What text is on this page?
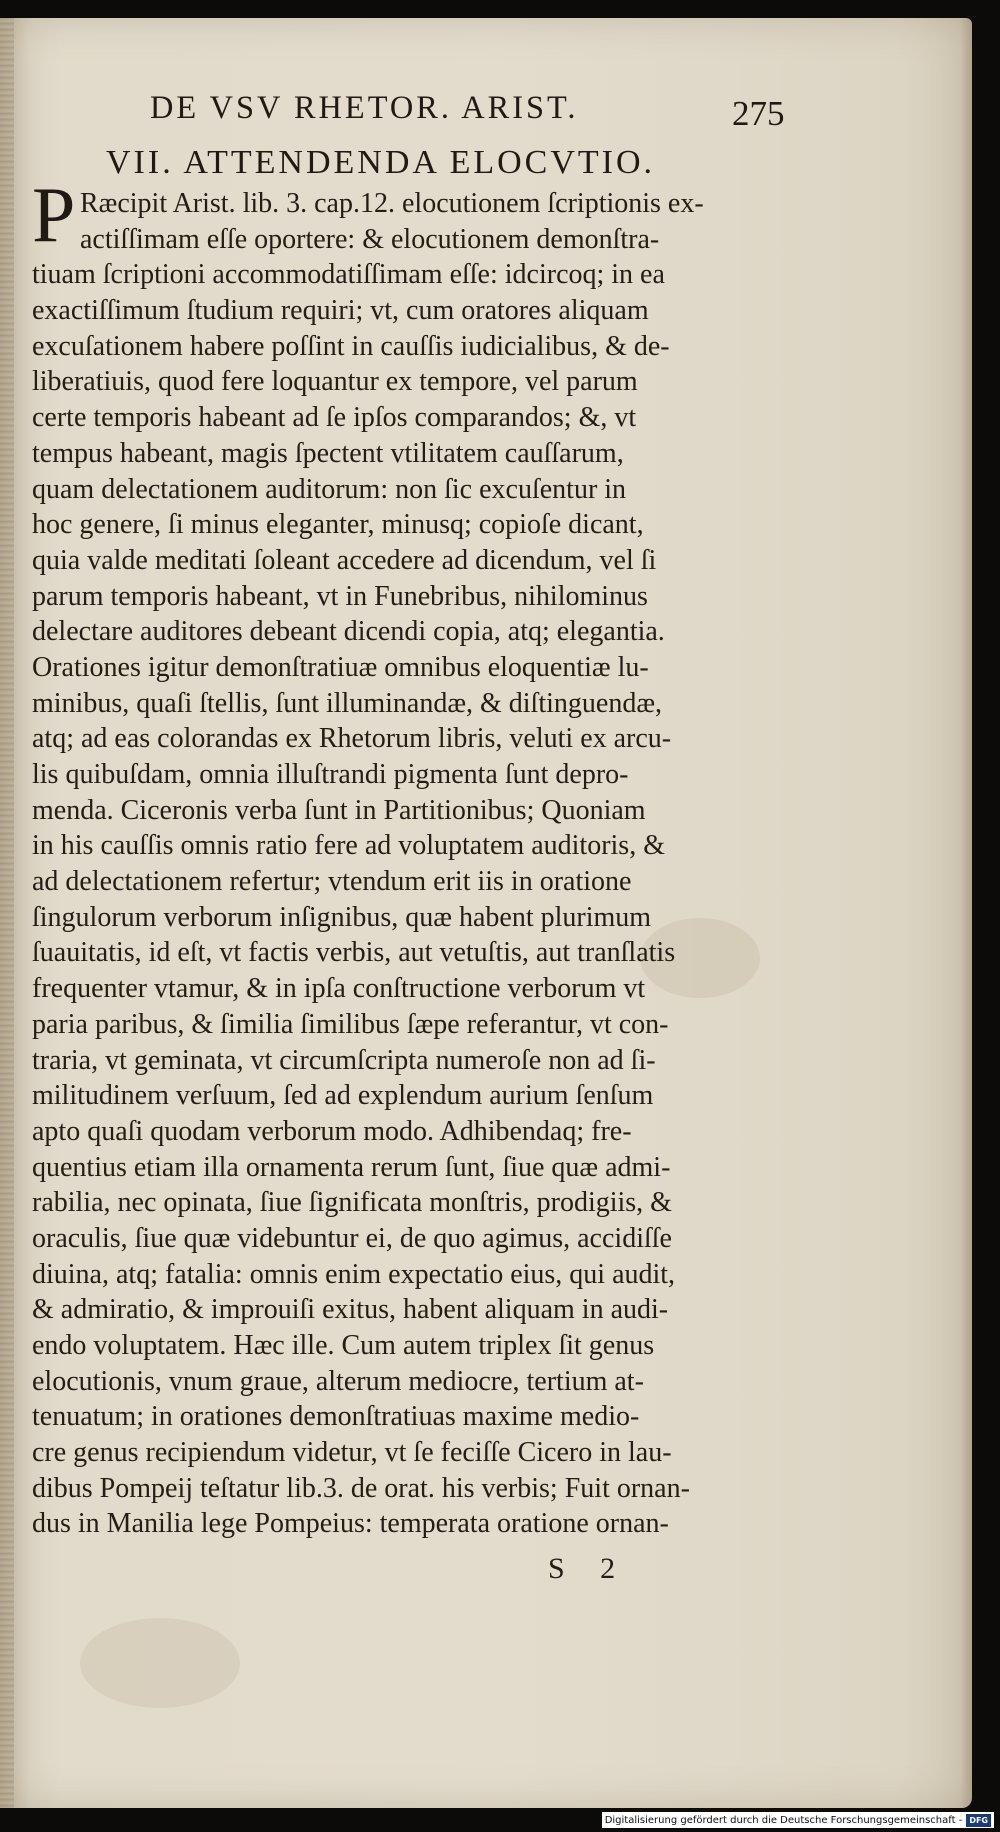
DE VSV RHETOR. ARIST.	275
VII. ATTENDENDA ELOCVTIO.
P Ræcipit Arist. lib. 3. cap.12. elocutionem ſcriptionis ex-
actiſſimam eſſe oportere: & elocutionem demonſtra-
tiuam ſcriptioni accommodatiſſimam eſſe: idcircoq; in ea
exactiſſimum ſtudium requiri; vt, cum oratores aliquam
excuſationem habere poſſint in cauſſis iudicialibus, & de-
liberatiuis, quod fere loquantur ex tempore, vel parum
certe temporis habeant ad ſe ipſos comparandos; &, vt
tempus habeant, magis ſpectent vtilitatem cauſſarum,
quam delectationem auditorum: non ſic excuſentur in
hoc genere, ſi minus eleganter, minusq; copioſe dicant,
quia valde meditati ſoleant accedere ad dicendum, vel ſi
parum temporis habeant, vt in Funebribus, nihilominus
delectare auditores debeant dicendi copia, atq; elegantia.
Orationes igitur demonſtratiuæ omnibus eloquentiæ lu-
minibus, quaſi ſtellis, ſunt illuminandæ, & diſtinguendæ,
atq; ad eas colorandas ex Rhetorum libris, veluti ex arcu-
lis quibuſdam, omnia illuſtrandi pigmenta ſunt depro-
menda. Ciceronis verba ſunt in Partitionibus; Quoniam
in his cauſſis omnis ratio fere ad voluptatem auditoris, &
ad delectationem refertur; vtendum erit iis in oratione
ſingulorum verborum inſignibus, quæ habent plurimum
ſuauitatis, id eſt, vt factis verbis, aut vetuſtis, aut tranſlatis
frequenter vtamur, & in ipſa conſtructione verborum vt
paria paribus, & ſimilia ſimilibus ſæpe referantur, vt con-
traria, vt geminata, vt circumſcripta numeroſe non ad ſi-
militudinem verſuum, ſed ad explendum aurium ſenſum
apto quaſi quodam verborum modo. Adhibendaq; fre-
quentius etiam illa ornamenta rerum ſunt, ſiue quæ admi-
rabilia, nec opinata, ſiue ſignificata monſtris, prodigiis, &
oraculis, ſiue quæ videbuntur ei, de quo agimus, accidiſſe
diuina, atq; fatalia: omnis enim expectatio eius, qui audit,
& admiratio, & improuiſi exitus, habent aliquam in audi-
endo voluptatem. Hæc ille. Cum autem triplex ſit genus
elocutionis, vnum graue, alterum mediocre, tertium at-
tenuatum; in orationes demonſtratiuas maxime medio-
cre genus recipiendum videtur, vt ſe feciſſe Cicero in lau-
dibus Pompeij teſtatur lib.3. de orat. his verbis; Fuit ornan-
dus in Manilia lege Pompeius: temperata oratione ornan-
S 2
Digitalisierung gefördert durch die Deutsche Forschungsgemeinschaft - DFG
